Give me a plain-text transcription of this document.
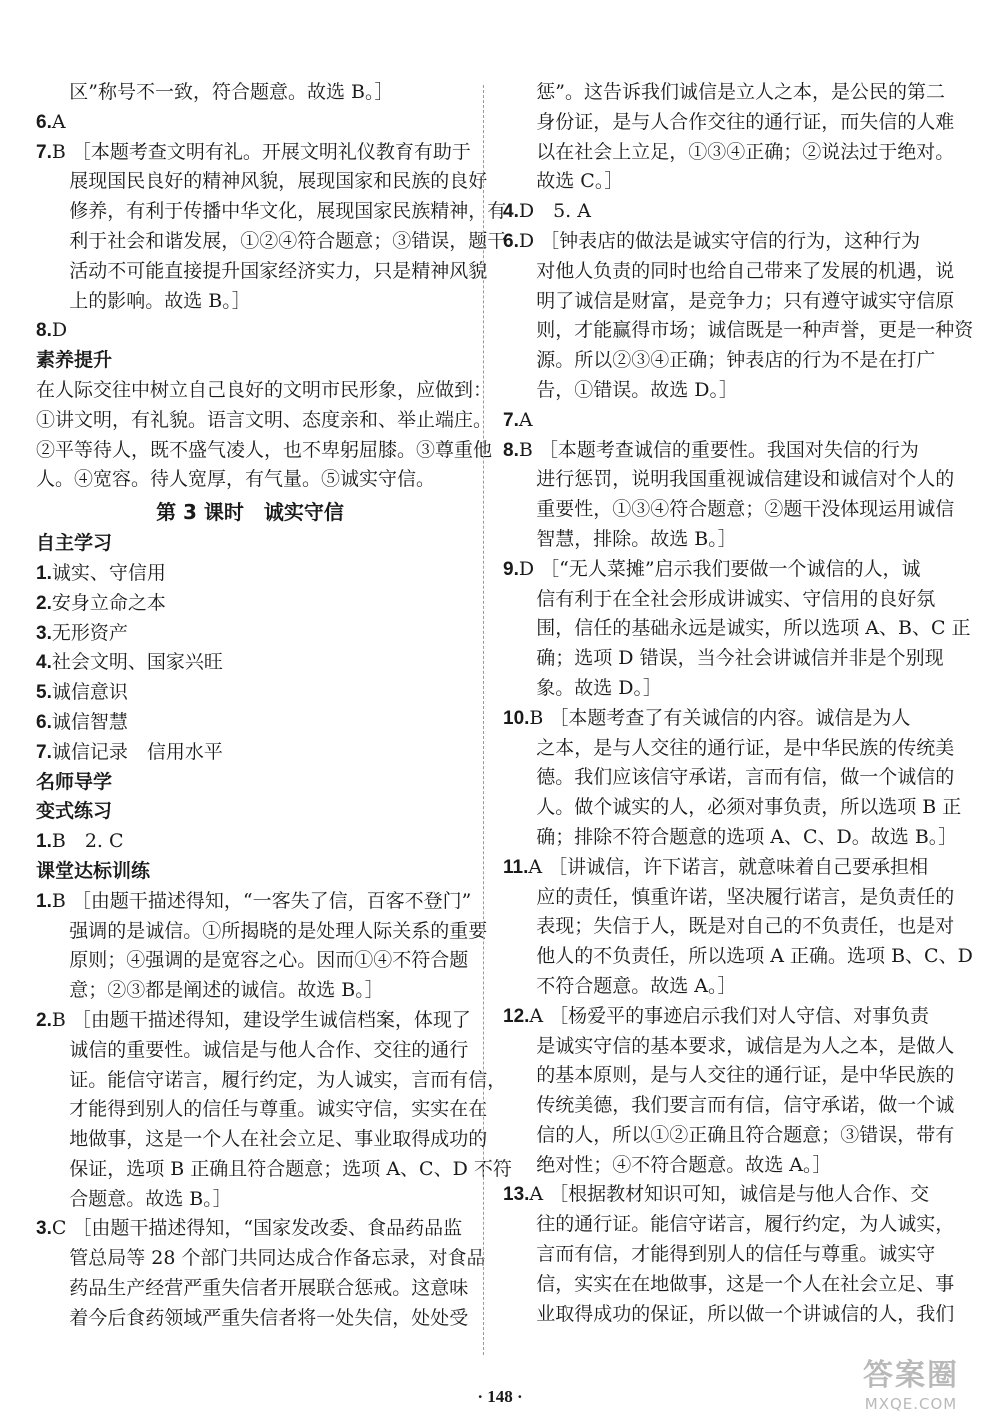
区”称号不一致，符合题意。故选 B。］
6.A
7.B ［本题考查文明有礼。开展文明礼仪教育有助于
展现国民良好的精神风貌，展现国家和民族的良好
修养，有利于传播中华文化，展现国家民族精神，有
利于社会和谐发展，①②④符合题意；③错误，题干
活动不可能直接提升国家经济实力，只是精神风貌
上的影响。故选 B。］
8.D
素养提升
在人际交往中树立自己良好的文明市民形象，应做到：
①讲文明，有礼貌。语言文明、态度亲和、举止端庄。
②平等待人，既不盛气凌人，也不卑躬屈膝。③尊重他
人。④宽容。待人宽厚，有气量。⑤诚实守信。
第 3 课时　诚实守信
自主学习
1.诚实、守信用
2.安身立命之本
3.无形资产
4.社会文明、国家兴旺
5.诚信意识
6.诚信智慧
7.诚信记录　信用水平
名师导学
变式练习
1.B　2. C
课堂达标训练
1.B ［由题干描述得知，“一客失了信，百客不登门”
强调的是诚信。①所揭晓的是处理人际关系的重要
原则；④强调的是宽容之心。因而①④不符合题
意；②③都是阐述的诚信。故选 B。］
2.B ［由题干描述得知，建设学生诚信档案，体现了
诚信的重要性。诚信是与他人合作、交往的通行
证。能信守诺言，履行约定，为人诚实，言而有信，
才能得到别人的信任与尊重。诚实守信，实实在在
地做事，这是一个人在社会立足、事业取得成功的
保证，选项 B 正确且符合题意；选项 A、C、D 不符
合题意。故选 B。］
3.C ［由题干描述得知，“国家发改委、食品药品监
管总局等 28 个部门共同达成合作备忘录，对食品
药品生产经营严重失信者开展联合惩戒。这意味
着今后食药领域严重失信者将一处失信，处处受
惩”。这告诉我们诚信是立人之本，是公民的第二
身份证，是与人合作交往的通行证，而失信的人难
以在社会上立足，①③④正确；②说法过于绝对。
故选 C。］
4.D　5. A
6.D ［钟表店的做法是诚实守信的行为，这种行为
对他人负责的同时也给自己带来了发展的机遇，说
明了诚信是财富，是竞争力；只有遵守诚实守信原
则，才能赢得市场；诚信既是一种声誉，更是一种资
源。所以②③④正确；钟表店的行为不是在打广
告，①错误。故选 D。］
7.A
8.B ［本题考查诚信的重要性。我国对失信的行为
进行惩罚，说明我国重视诚信建设和诚信对个人的
重要性，①③④符合题意；②题干没体现运用诚信
智慧，排除。故选 B。］
9.D ［“无人菜摊”启示我们要做一个诚信的人，诚
信有利于在全社会形成讲诚实、守信用的良好氛
围，信任的基础永远是诚实，所以选项 A、B、C 正
确；选项 D 错误，当今社会讲诚信并非是个别现
象。故选 D。］
10.B ［本题考查了有关诚信的内容。诚信是为人
之本，是与人交往的通行证，是中华民族的传统美
德。我们应该信守承诺，言而有信，做一个诚信的
人。做个诚实的人，必须对事负责，所以选项 B 正
确；排除不符合题意的选项 A、C、D。故选 B。］
11.A ［讲诚信，许下诺言，就意味着自己要承担相
应的责任，慎重许诺，坚决履行诺言，是负责任的
表现；失信于人，既是对自己的不负责任，也是对
他人的不负责任，所以选项 A 正确。选项 B、C、D
不符合题意。故选 A。］
12.A ［杨爱平的事迹启示我们对人守信、对事负责
是诚实守信的基本要求，诚信是为人之本，是做人
的基本原则，是与人交往的通行证，是中华民族的
传统美德，我们要言而有信，信守承诺，做一个诚
信的人，所以①②正确且符合题意；③错误，带有
绝对性；④不符合题意。故选 A。］
13.A ［根据教材知识可知，诚信是与他人合作、交
往的通行证。能信守诺言，履行约定，为人诚实，
言而有信，才能得到别人的信任与尊重。诚实守
信，实实在在地做事，这是一个人在社会立足、事
业取得成功的保证，所以做一个讲诚信的人，我们
· 148 ·
答案圈
MXQE.COM
